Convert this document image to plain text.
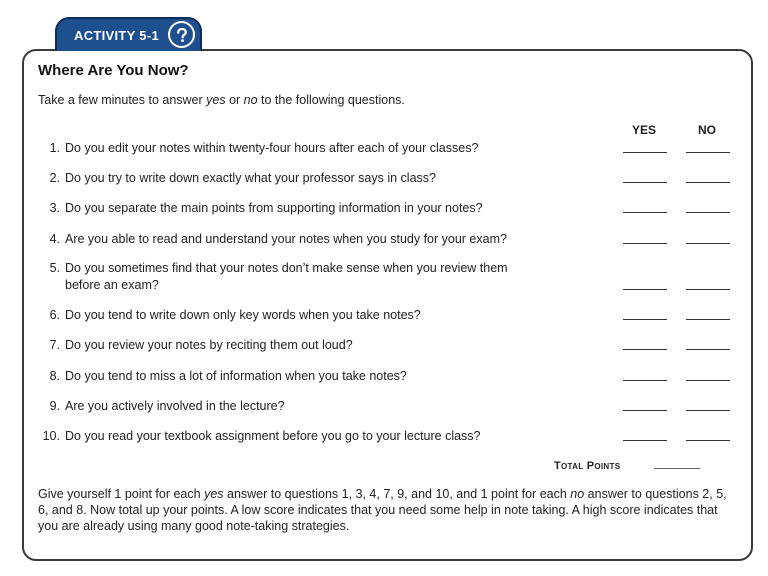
ACTIVITY 5-1
Where Are You Now?
Take a few minutes to answer yes or no to the following questions.
YES	NO
1. Do you edit your notes within twenty-four hours after each of your classes?
2. Do you try to write down exactly what your professor says in class?
3. Do you separate the main points from supporting information in your notes?
4. Are you able to read and understand your notes when you study for your exam?
5. Do you sometimes find that your notes don’t make sense when you review them
before an exam?
6. Do you tend to write down only key words when you take notes?
7. Do you review your notes by reciting them out loud?
8. Do you tend to miss a lot of information when you take notes?
9. Are you actively involved in the lecture?
10. Do you read your textbook assignment before you go to your lecture class?
Total Points
Give yourself 1 point for each yes answer to questions 1, 3, 4, 7, 9, and 10, and 1 point for each no answer to questions 2, 5, 6, and 8. Now total up your points. A low score indicates that you need some help in note taking. A high score indicates that you are already using many good note-taking strategies.
